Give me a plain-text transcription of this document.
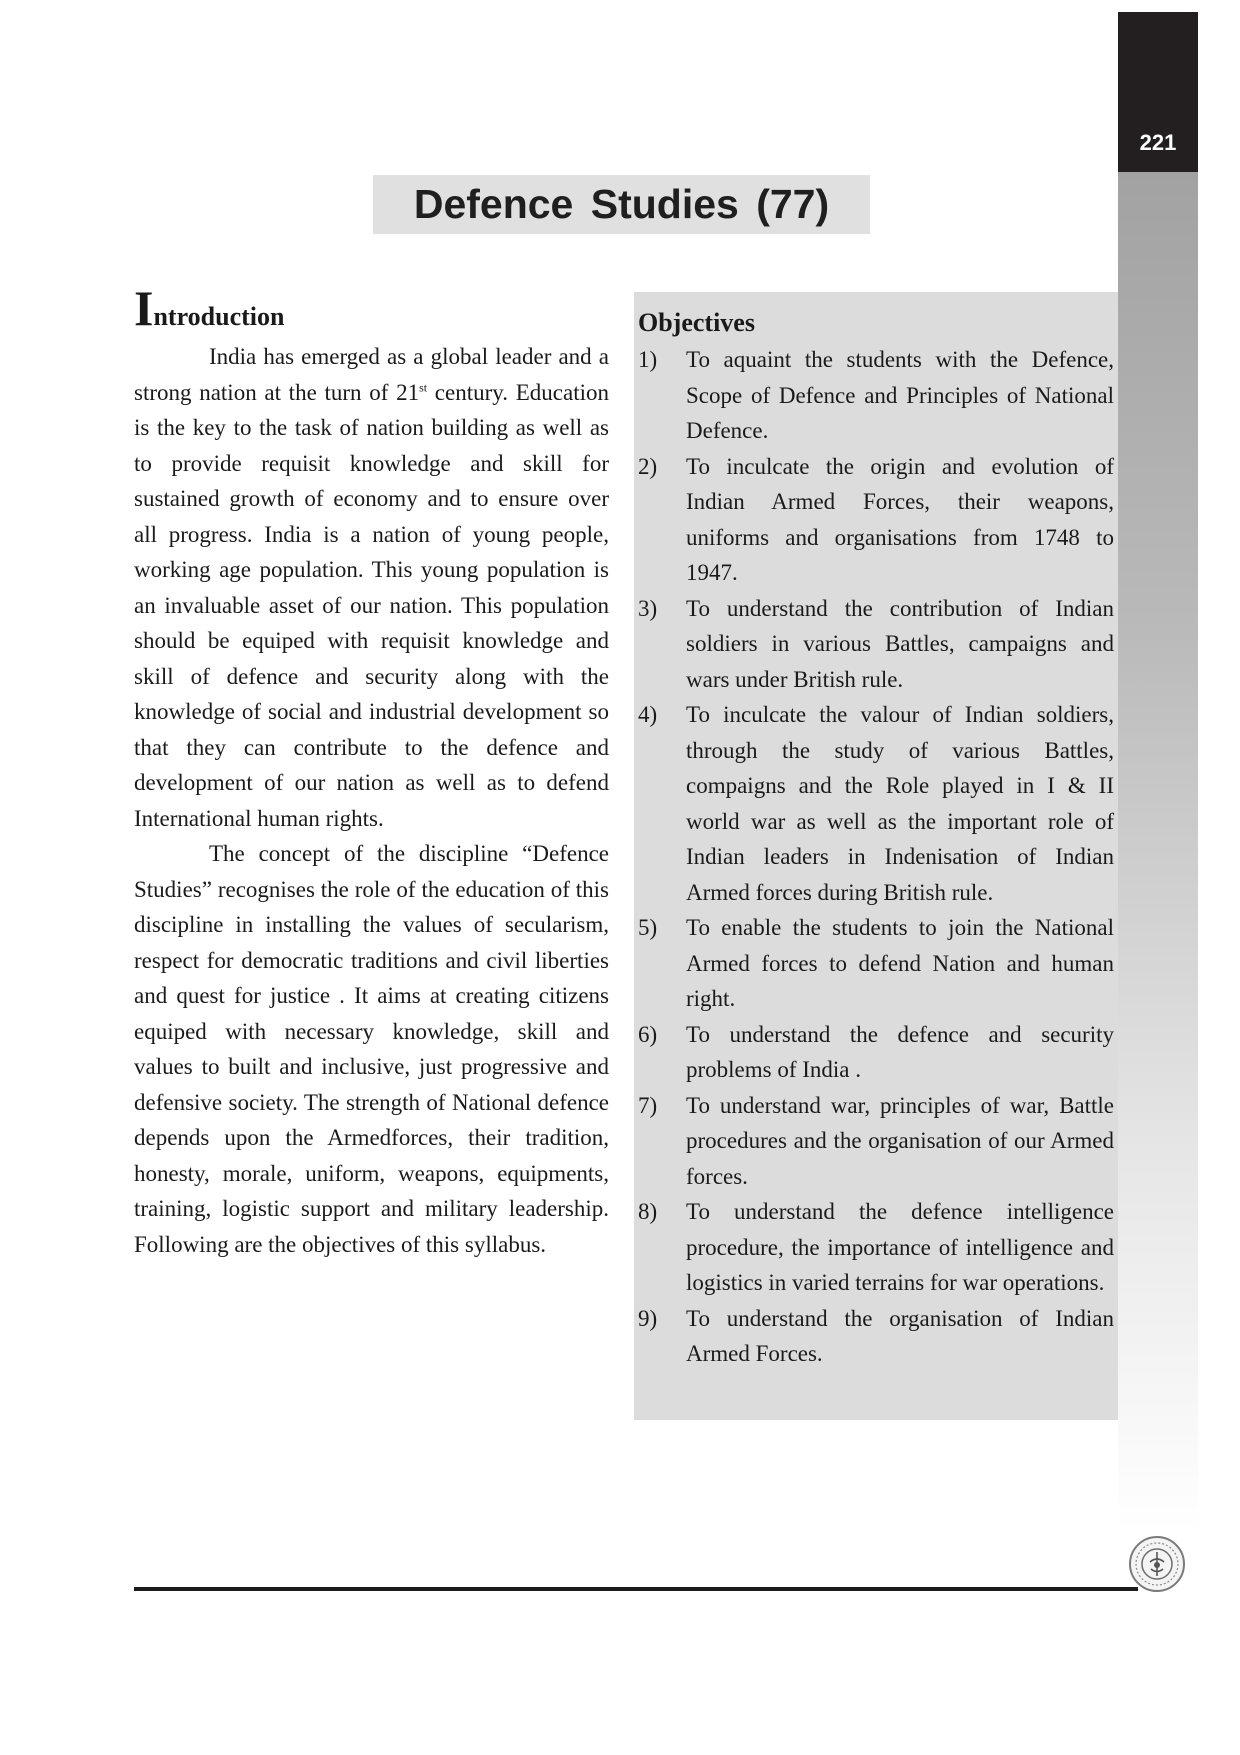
221
Defence Studies (77)
Introduction

India has emerged as a global leader and a strong nation at the turn of 21st century. Education is the key to the task of nation building as well as to provide requisit knowledge and skill for sustained growth of economy and to ensure over all progress. India is a nation of young people, working age population. This young population is an invaluable asset of our nation. This population should be equiped with requisit knowledge and skill of defence and security along with the knowledge of social and industrial development so that they can contribute to the defence and development of our nation as well as to defend International human rights.

The concept of the discipline “Defence Studies” recognises the role of the education of this discipline in installing the values of secularism, respect for democratic traditions and civil liberties and quest for justice . It aims at creating citizens equiped with necessary knowledge, skill and values to built and inclusive, just progressive and defensive society. The strength of National defence depends upon the Armedforces, their tradition, honesty, morale, uniform, weapons, equipments, training, logistic support and military leadership. Following are the objectives of this syllabus.

Objectives
1) To aquaint the students with the Defence, Scope of Defence and Principles of National Defence.
2) To inculcate the origin and evolution of Indian Armed Forces, their weapons, uniforms and organisations from 1748 to 1947.
3) To understand the contribution of Indian soldiers in various Battles, campaigns and wars under British rule.
4) To inculcate the valour of Indian soldiers, through the study of various Battles, compaigns and the Role played in I & II world war as well as the important role of Indian leaders in Indenisation of Indian Armed forces during British rule.
5) To enable the students to join the National Armed forces to defend Nation and human right.
6) To understand the defence and security problems of India .
7) To understand war, principles of war, Battle procedures and the organisation of our Armed forces.
8) To understand the defence intelligence procedure, the importance of intelligence and logistics in varied terrains for war operations.
9) To understand the organisation of Indian Armed Forces.
